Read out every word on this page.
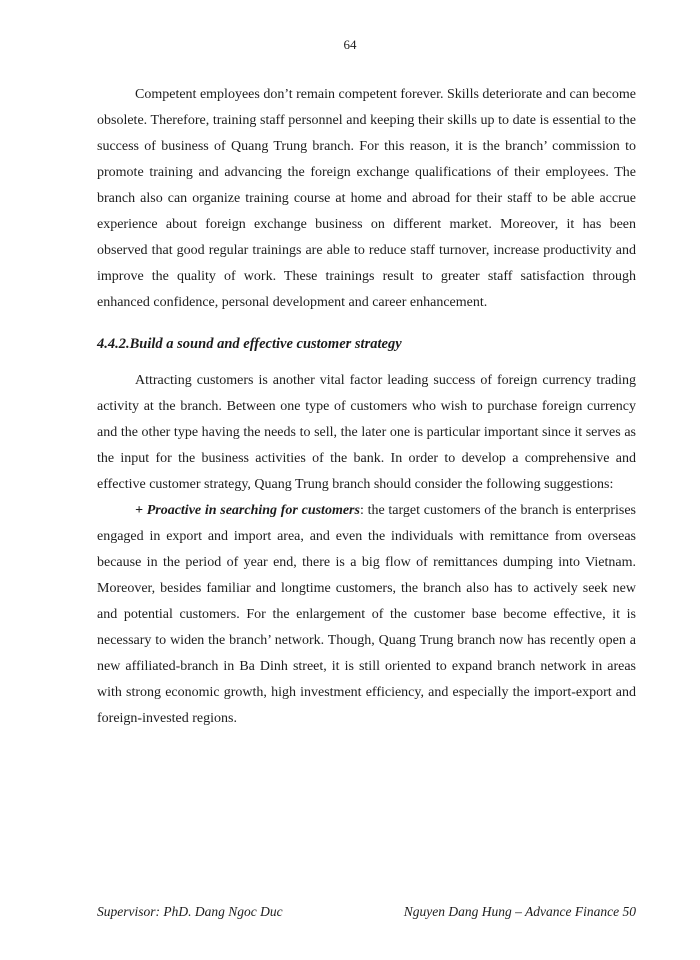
64

Competent employees don’t remain competent forever. Skills deteriorate and can become obsolete. Therefore, training staff personnel and keeping their skills up to date is essential to the success of business of Quang Trung branch. For this reason, it is the branch’ commission to promote training and advancing the foreign exchange qualifications of their employees. The branch also can organize training course at home and abroad for their staff to be able accrue experience about foreign exchange business on different market. Moreover, it has been observed that good regular trainings are able to reduce staff turnover, increase productivity and improve the quality of work. These trainings result to greater staff satisfaction through enhanced confidence, personal development and career enhancement.

4.4.2.Build a sound and effective customer strategy

Attracting customers is another vital factor leading success of foreign currency trading activity at the branch. Between one type of customers who wish to purchase foreign currency and the other type having the needs to sell, the later one is particular important since it serves as the input for the business activities of the bank. In order to develop a comprehensive and effective customer strategy, Quang Trung branch should consider the following suggestions:

+ Proactive in searching for customers: the target customers of the branch is enterprises engaged in export and import area, and even the individuals with remittance from overseas because in the period of year end, there is a big flow of remittances dumping into Vietnam. Moreover, besides familiar and longtime customers, the branch also has to actively seek new and potential customers. For the enlargement of the customer base become effective, it is necessary to widen the branch’ network. Though, Quang Trung branch now has recently open a new affiliated-branch in Ba Dinh street, it is still oriented to expand branch network in areas with strong economic growth, high investment efficiency, and especially the import-export and foreign-invested regions.

Supervisor: PhD. Dang Ngoc Duc	Nguyen Dang Hung – Advance Finance 50
